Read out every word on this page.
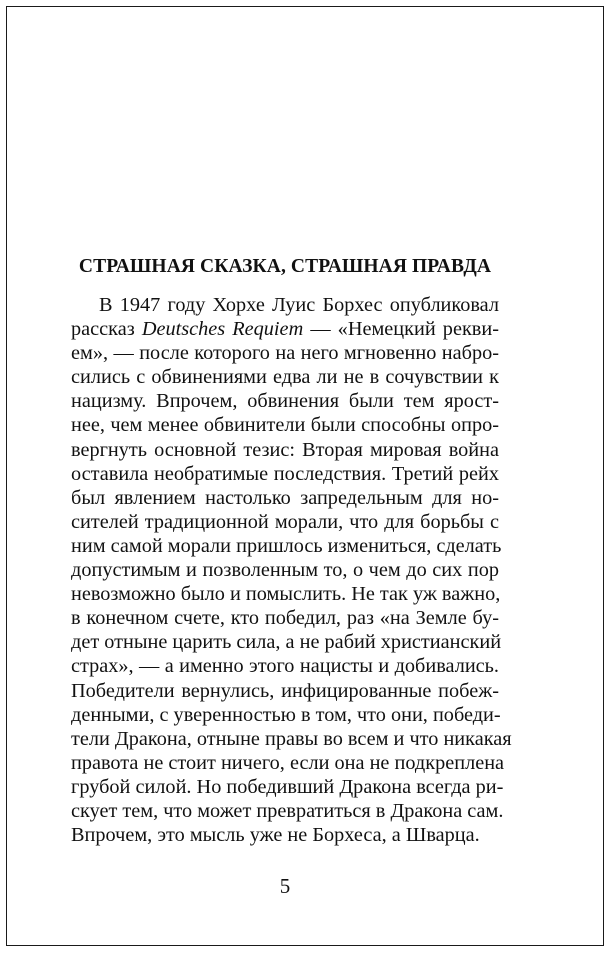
СТРАШНАЯ СКАЗКА, СТРАШНАЯ ПРАВДА
В 1947 году Хорхе Луис Борхес опубликовал
рассказ Deutsches Requiem — «Немецкий рекви-
ем», — после которого на него мгновенно набро-
сились с обвинениями едва ли не в сочувствии к
нацизму. Впрочем, обвинения были тем ярост-
нее, чем менее обвинители были способны опро-
вергнуть основной тезис: Вторая мировая война
оставила необратимые последствия. Третий рейх
был явлением настолько запредельным для но-
сителей традиционной морали, что для борьбы с
ним самой морали пришлось измениться, сделать
допустимым и позволенным то, о чем до сих пор
невозможно было и помыслить. Не так уж важно,
в конечном счете, кто победил, раз «на Земле бу-
дет отныне царить сила, а не рабий христианский
страх», — а именно этого нацисты и добивались.
Победители вернулись, инфицированные побеж-
денными, с уверенностью в том, что они, победи-
тели Дракона, отныне правы во всем и что никакая
правота не стоит ничего, если она не подкреплена
грубой силой. Но победивший Дракона всегда ри-
скует тем, что может превратиться в Дракона сам.
Впрочем, это мысль уже не Борхеса, а Шварца.
5
